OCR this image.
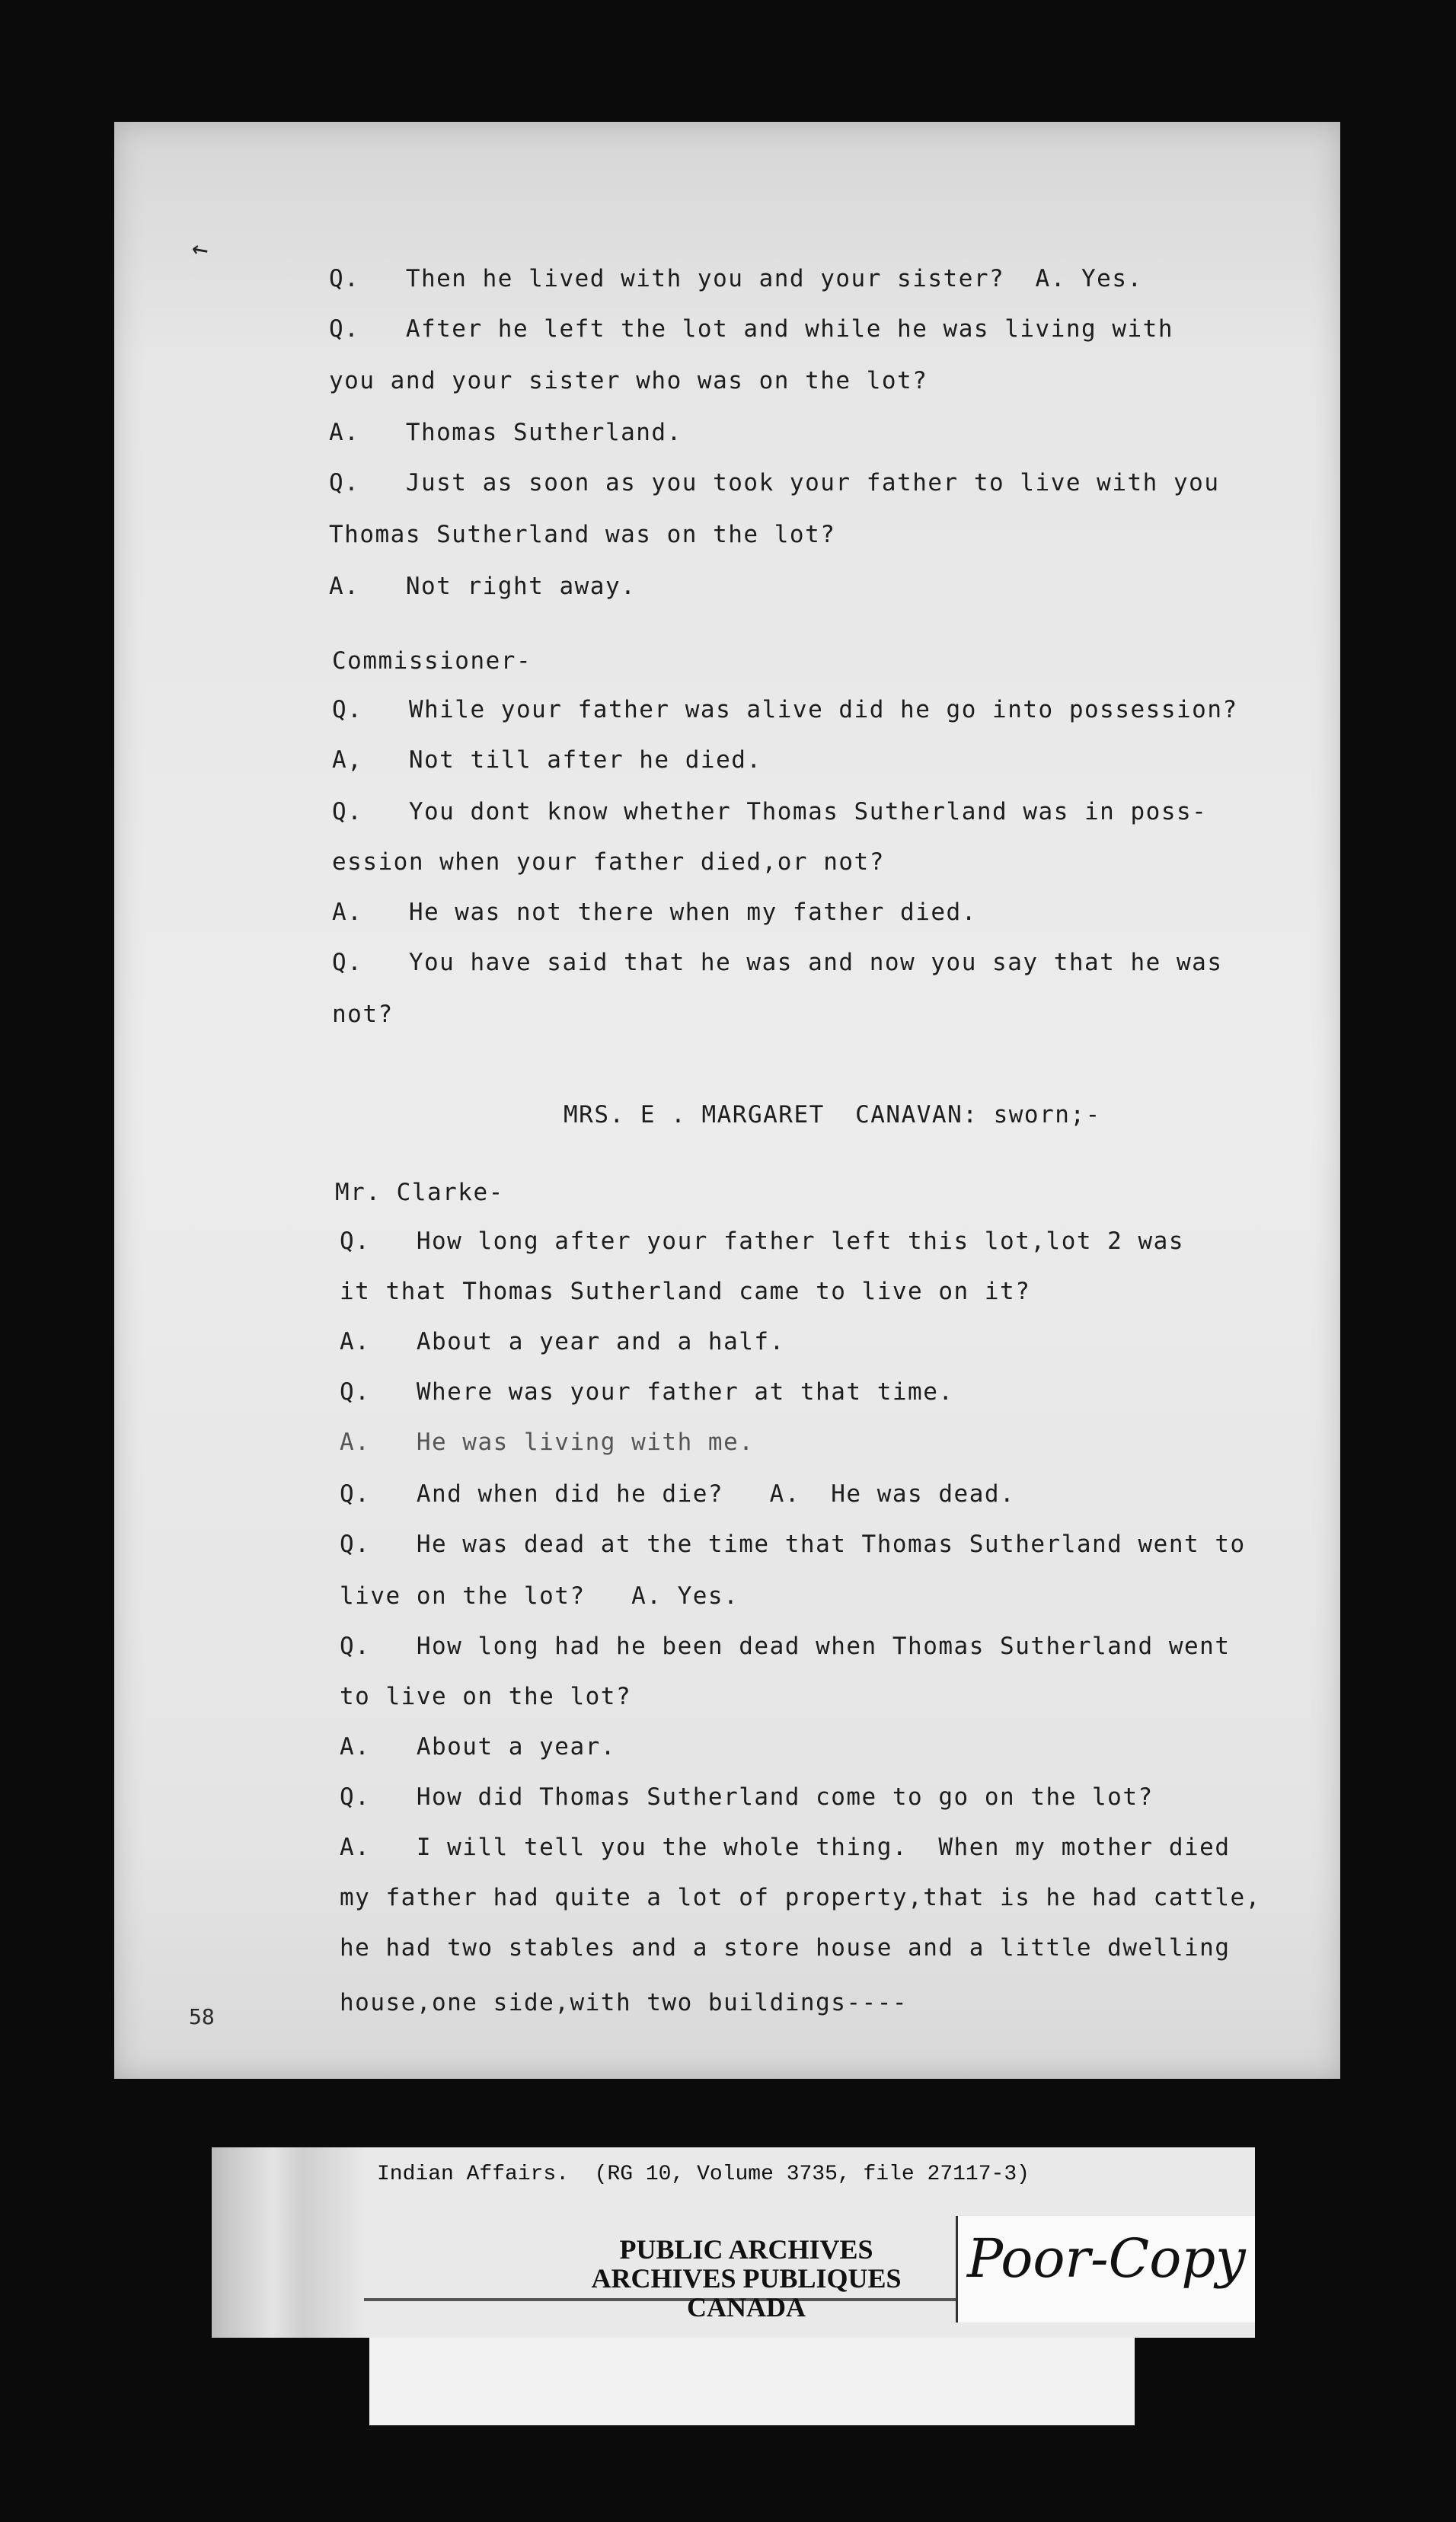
↖
Q.   Then he lived with you and your sister?  A. Yes.
Q.   After he left the lot and while he was living with
you and your sister who was on the lot?
A.   Thomas Sutherland.
Q.   Just as soon as you took your father to live with you
Thomas Sutherland was on the lot?
A.   Not right away.
Commissioner-
Q.   While your father was alive did he go into possession?
A,   Not till after he died.
Q.   You dont know whether Thomas Sutherland was in poss-
ession when your father died,or not?
A.   He was not there when my father died.
Q.   You have said that he was and now you say that he was
not?
MRS. E . MARGARET  CANAVAN: sworn;-
Mr. Clarke-
Q.   How long after your father left this lot,lot 2 was
it that Thomas Sutherland came to live on it?
A.   About a year and a half.
Q.   Where was your father at that time.
A.   He was living with me.
Q.   And when did he die?   A.  He was dead.
Q.   He was dead at the time that Thomas Sutherland went to
live on the lot?   A. Yes.
Q.   How long had he been dead when Thomas Sutherland went
to live on the lot?
A.   About a year.
Q.   How did Thomas Sutherland come to go on the lot?
A.   I will tell you the whole thing.  When my mother died
my father had quite a lot of property,that is he had cattle,
he had two stables and a store house and a little dwelling
house,one side,with two buildings----
58
Indian Affairs.  (RG 10, Volume 3735, file 27117-3)
PUBLIC ARCHIVES
ARCHIVES PUBLIQUES
CANADA
Poor-Copy
